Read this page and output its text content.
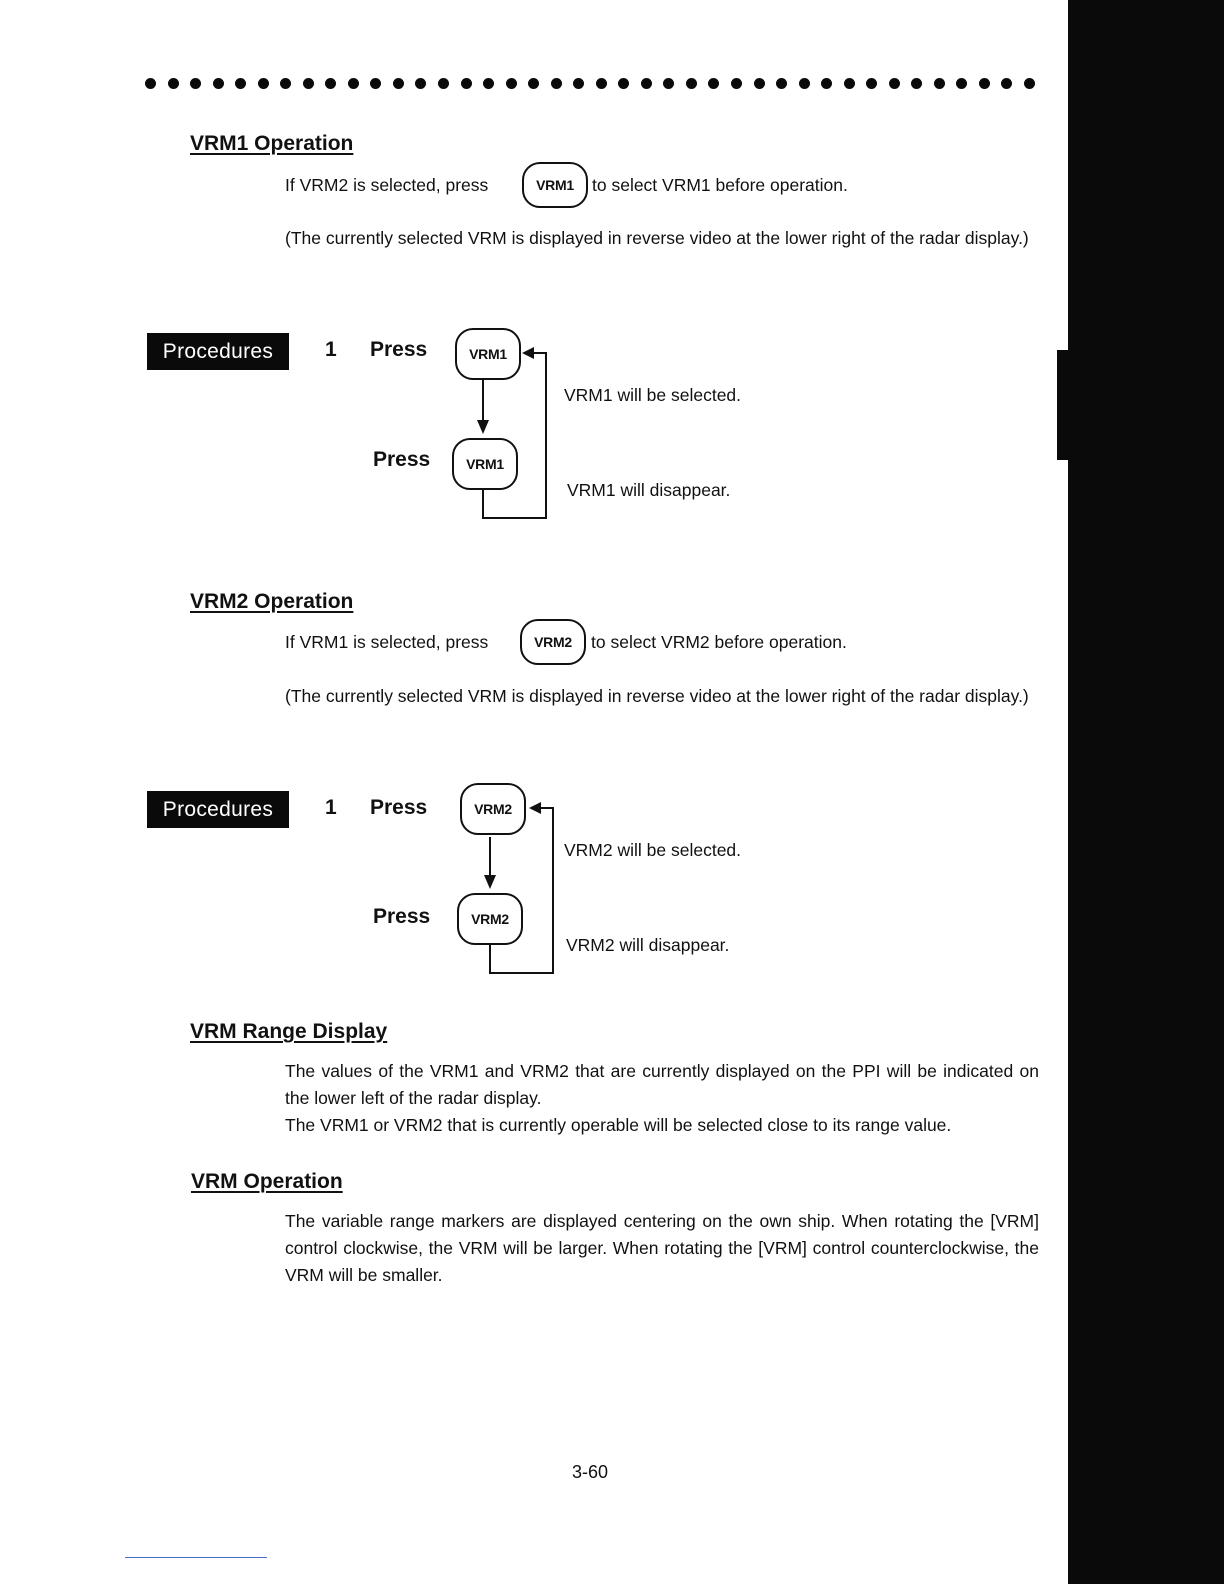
VRM1 Operation
If VRM2 is selected, press	VRM1	to select VRM1 before operation.
(The currently selected VRM is displayed in reverse video at the lower right of the radar display.)
Procedures	1 Press	VRM1
Press	VRM1
VRM1 will be selected.
VRM1 will disappear.
VRM2 Operation
If VRM1 is selected, press	VRM2	to select VRM2 before operation.
(The currently selected VRM is displayed in reverse video at the lower right of the radar display.)
Procedures	1 Press	VRM2
Press	VRM2
VRM2 will be selected.
VRM2 will disappear.
VRM Range Display
The values of the VRM1 and VRM2 that are currently displayed on the PPI will be indicated on the lower left of the radar display.
The VRM1 or VRM2 that is currently operable will be selected close to its range value.
VRM Operation
The variable range markers are displayed centering on the own ship. When rotating the [VRM] control clockwise, the VRM will be larger. When rotating the [VRM] control counterclockwise, the VRM will be smaller.
3-60
